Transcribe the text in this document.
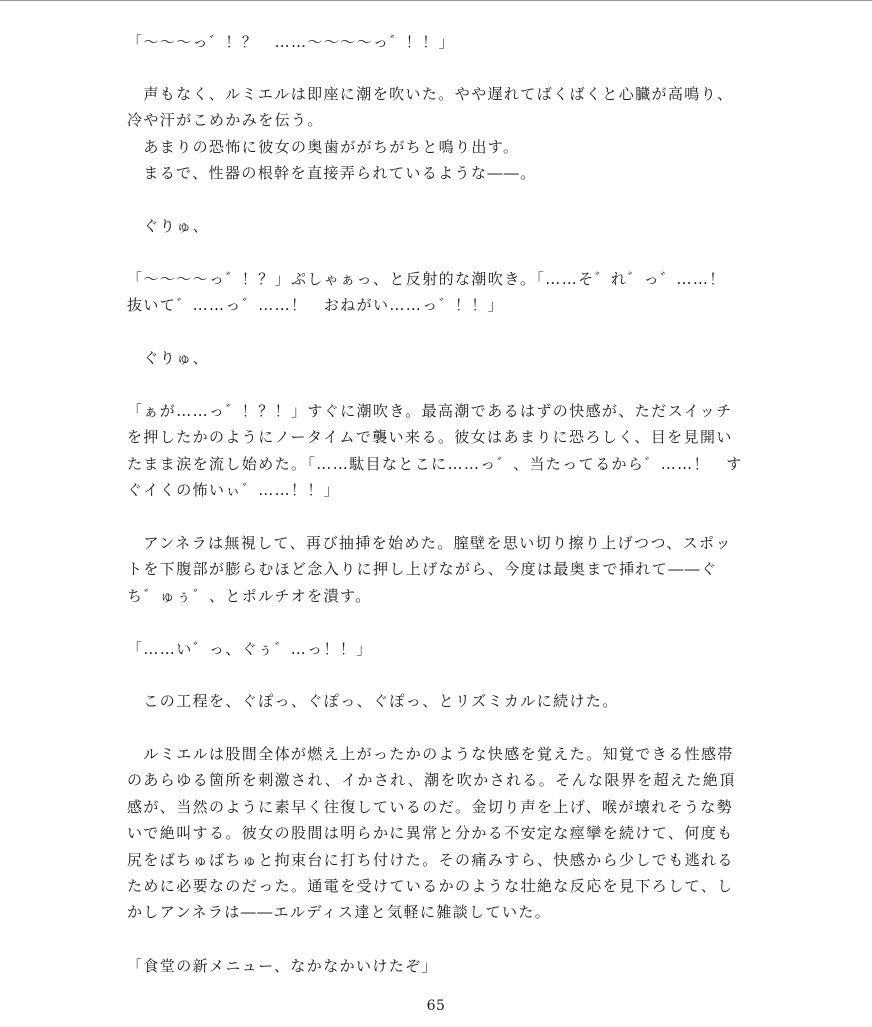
「〜〜〜っ゛！？　……〜〜〜〜っ゛！！」

　声もなく、ルミエルは即座に潮を吹いた。やや遅れてばくばくと心臓が高鳴り、冷や汗がこめかみを伝う。

　あまりの恐怖に彼女の奥歯ががちがちと鳴り出す。

　まるで、性器の根幹を直接弄られているような――。

　ぐりゅ、

「〜〜〜〜っ゛！？」ぷしゃぁっ、と反射的な潮吹き。「……そ゛れ゛っ゛……！　抜いて゛……っ゛……！　おねがい……っ゛！！」

　ぐりゅ、

「ぁが……っ゛！？！」すぐに潮吹き。最高潮であるはずの快感が、ただスイッチを押したかのようにノータイムで襲い来る。彼女はあまりに恐ろしく、目を見開いたまま涙を流し始めた。「……駄目なとこに……っ゛、当たってるから゛……！　すぐイくの怖いぃ゛……！！」

　アンネラは無視して、再び抽挿を始めた。膣壁を思い切り擦り上げつつ、スポットを下腹部が膨らむほど念入りに押し上げながら、今度は最奥まで挿れて――ぐち゛ゅぅ゛、とポルチオを潰す。

「……い゛っ、ぐぅ゛…っ！！」

　この工程を、ぐぽっ、ぐぽっ、ぐぽっ、とリズミカルに続けた。

　ルミエルは股間全体が燃え上がったかのような快感を覚えた。知覚できる性感帯のあらゆる箇所を刺激され、イかされ、潮を吹かされる。そんな限界を超えた絶頂感が、当然のように素早く往復しているのだ。金切り声を上げ、喉が壊れそうな勢いで絶叫する。彼女の股間は明らかに異常と分かる不安定な痙攣を続けて、何度も尻をばちゅばちゅと拘束台に打ち付けた。その痛みすら、快感から少しでも逃れるために必要なのだった。通電を受けているかのような壮絶な反応を見下ろして、しかしアンネラは――エルディス達と気軽に雑談していた。

「食堂の新メニュー、なかなかいけたぞ」

65
